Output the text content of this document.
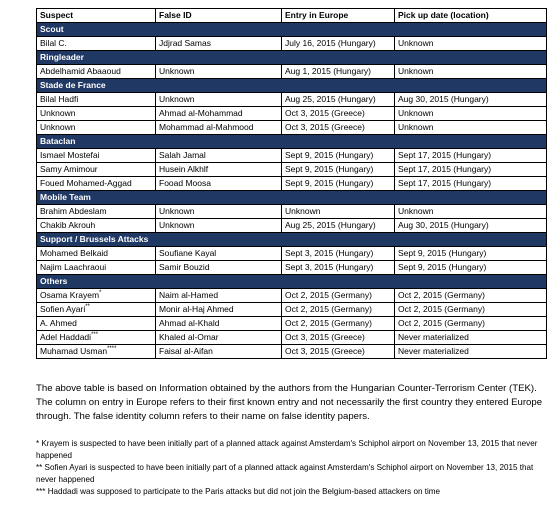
Suspect	False ID	Entry in Europe	Pick up date (location)
Scout			
Bilal C.	Jdjrad Samas	July 16, 2015 (Hungary)	Unknown
Ringleader			
Abdelhamid Abaaoud	Unknown	Aug 1, 2015 (Hungary)	Unknown
Stade de France			
Bilal Hadfi	Unknown	Aug 25, 2015 (Hungary)	Aug 30, 2015 (Hungary)
Unknown	Ahmad al-Mohammad	Oct 3, 2015 (Greece)	Unknown
Unknown	Mohammad al-Mahmood	Oct 3, 2015 (Greece)	Unknown
Bataclan			
Ismael Mostefai	Salah Jamal	Sept 9, 2015 (Hungary)	Sept 17, 2015 (Hungary)
Samy Amimour	Husein Alkhlf	Sept 9, 2015 (Hungary)	Sept 17, 2015 (Hungary)
Foued Mohamed-Aggad	Fooad Moosa	Sept 9, 2015 (Hungary)	Sept 17, 2015 (Hungary)
Mobile Team			
Brahim Abdeslam	Unknown	Unknown	Unknown
Chakib Akrouh	Unknown	Aug 25, 2015 (Hungary)	Aug 30, 2015 (Hungary)
Support / Brussels Attacks			
Mohamed Belkaid	Soufiane Kayal	Sept 3, 2015 (Hungary)	Sept 9, 2015 (Hungary)
Najim Laachraoui	Samir Bouzid	Sept 3, 2015 (Hungary)	Sept 9, 2015 (Hungary)
Others			
Osama Krayem*	Naim al-Hamed	Oct 2, 2015 (Germany)	Oct 2, 2015 (Germany)
Sofien Ayari**	Monir al-Haj Ahmed	Oct 2, 2015 (Germany)	Oct 2, 2015 (Germany)
A. Ahmed	Ahmad al-Khald	Oct 2, 2015 (Germany)	Oct 2, 2015 (Germany)
Adel Haddadi***	Khaled al-Omar	Oct 3, 2015 (Greece)	Never materialized
Muhamad Usman****	Faisal al-Aifan	Oct 3, 2015 (Greece)	Never materialized

The above table is based on Information obtained by the authors from the Hungarian Counter-Terrorism Center (TEK). The column on entry in Europe refers to their first known entry and not necessarily the first country they entered Europe through. The false identity column refers to their name on false identity papers.

* Krayem is suspected to have been initially part of a planned attack against Amsterdam's Schiphol airport on November 13, 2015 that never happened

** Sofien Ayari is suspected to have been initially part of a planned attack against Amsterdam's Schiphol airport on November 13, 2015 that never happened

*** Haddadi was supposed to participate to the Paris attacks but did not join the Belgium-based attackers on time
